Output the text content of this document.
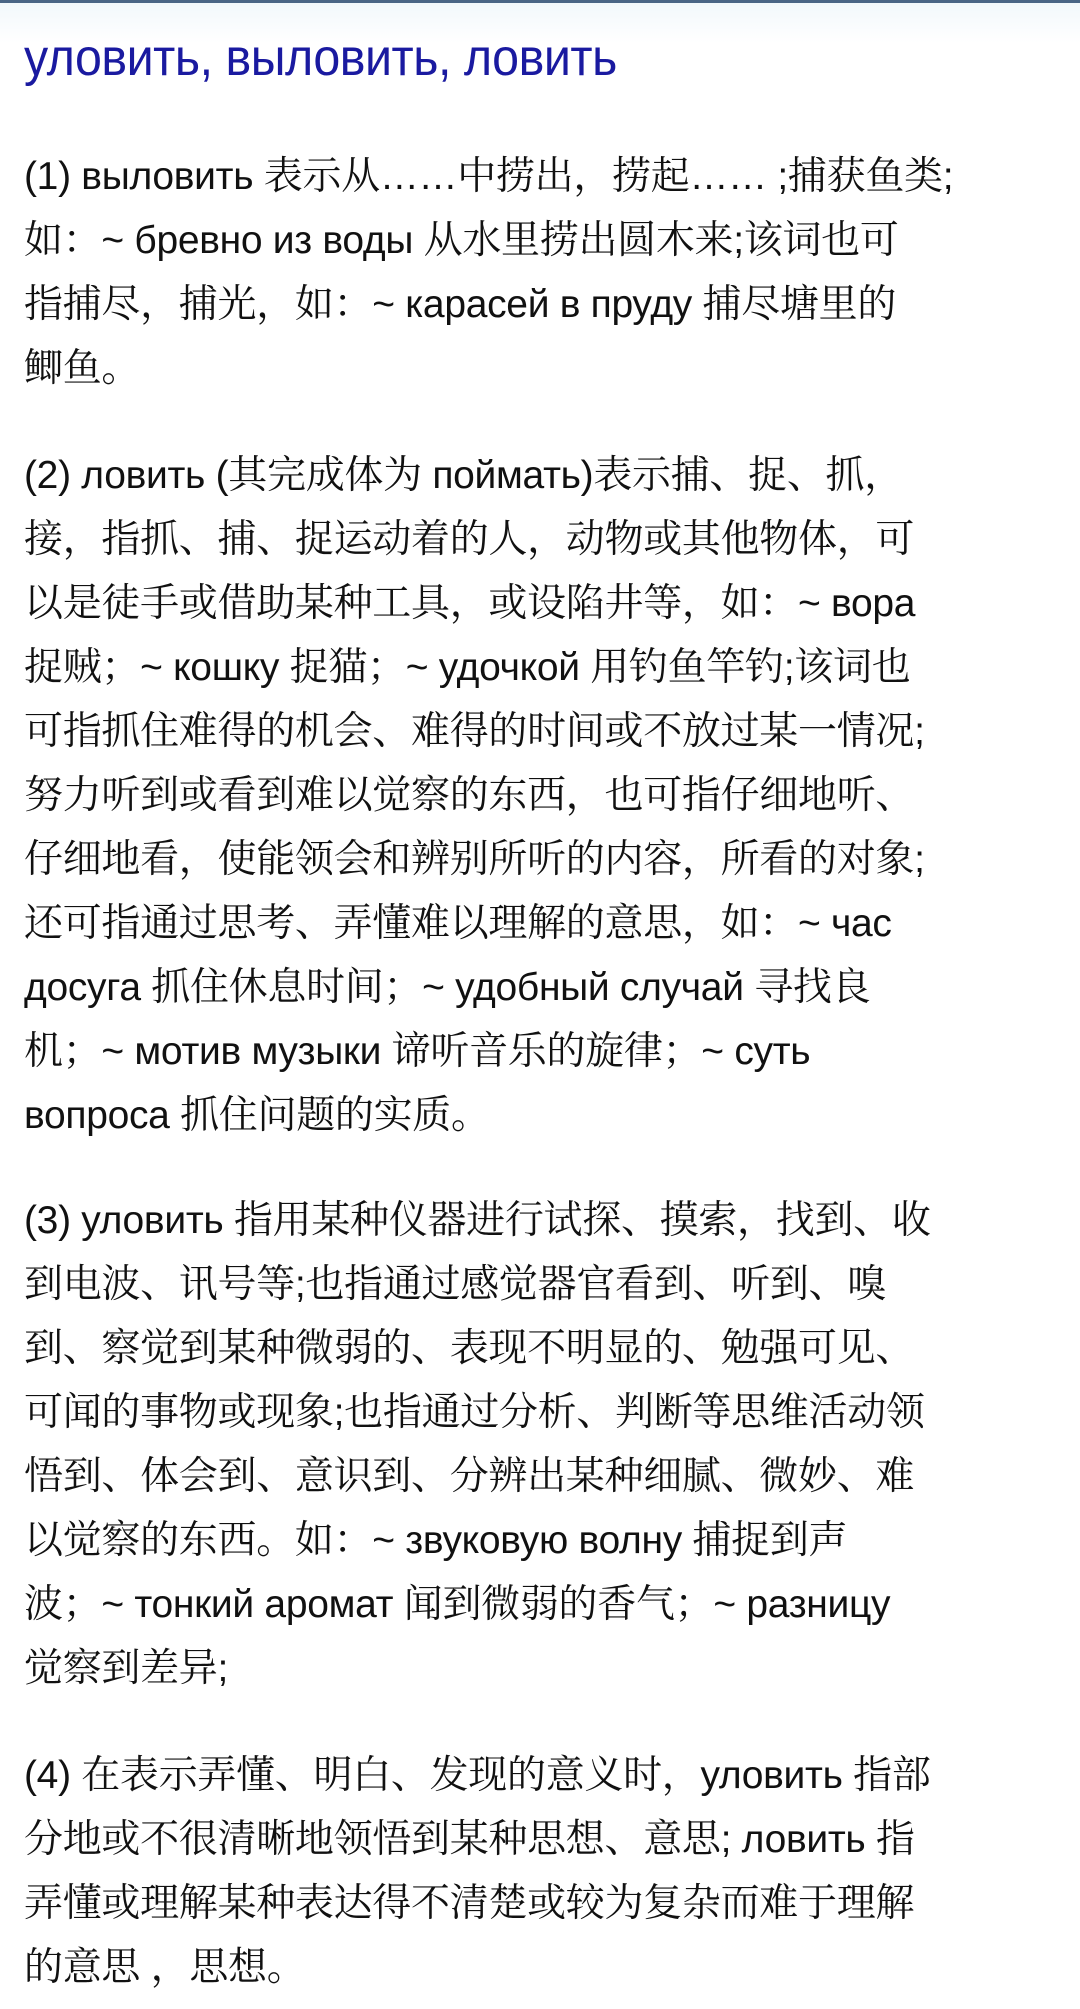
уловить, выловить, ловить
(1) выловить 表示从……中捞出，捞起…… ;捕获鱼类;
如：~ бревно из воды 从水里捞出圆木来;该词也可
指捕尽，捕光，如：~ карасей в пруду 捕尽塘里的
鲫鱼。
(2) ловить (其完成体为 поймать)表示捕、捉、抓，
接，指抓、捕、捉运动着的人，动物或其他物体，可
以是徒手或借助某种工具，或设陷井等，如：~ вора
捉贼；~ кошку 捉猫；~ удочкой 用钓鱼竿钓;该词也
可指抓住难得的机会、难得的时间或不放过某一情况;
努力听到或看到难以觉察的东西，也可指仔细地听、
仔细地看，使能领会和辨别所听的内容，所看的对象;
还可指通过思考、弄懂难以理解的意思，如：~ час
досуга 抓住休息时间；~ удобный случай 寻找良
机；~ мотив музыки 谛听音乐的旋律；~ суть
вопроса 抓住问题的实质。
(3) уловить 指用某种仪器进行试探、摸索，找到、收
到电波、讯号等;也指通过感觉器官看到、听到、嗅
到、察觉到某种微弱的、表现不明显的、勉强可见、
可闻的事物或现象;也指通过分析、判断等思维活动领
悟到、体会到、意识到、分辨出某种细腻、微妙、难
以觉察的东西。如：~ звуковую волну 捕捉到声
波；~ тонкий аромат 闻到微弱的香气；~ разницу
觉察到差异;
(4) 在表示弄懂、明白、发现的意义时，уловить 指部
分地或不很清晰地领悟到某种思想、意思; ловить 指
弄懂或理解某种表达得不清楚或较为复杂而难于理解
的意思 ，思想。
